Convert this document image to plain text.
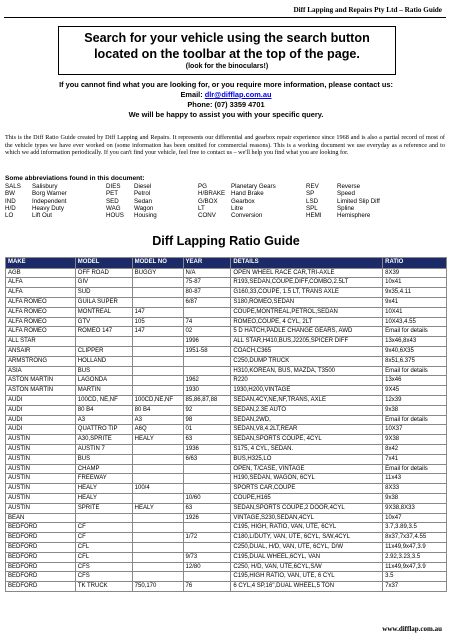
Diff Lapping and Repairs Pty Ltd – Ratio Guide
Search for your vehicle using the search button
located on the toolbar at the top of the page.
(look for the binoculars!)
If you cannot find what you are looking for, or you require more information, please contact us:
Email: dlr@difflap.com.au
Phone: (07) 3359 4701
We will be happy to assist you with your specific query.
This is the Diff Ratio Guide created by Diff Lapping and Repairs. It represents our differential and gearbox repair experience since 1968 and is also a partial record of most of the vehicle types we have ever worked on (some information has been omitted for commercial reasons). This is a working document we use everyday as a reference and to which we add information periodically. If you can't find your vehicle, feel free to contact us – we'll help you find what you are looking for.
Some abbreviations found in this document:
SALS	Salisbury	DIES	Diesel	PG	Planetary Gears	REV	Reverse
BW	Borg Warner	PET	Petrol	H/BRAKE Hand Brake	SP	Speed
IND	Independent	SED	Sedan	G/BOX	Gearbox	LSD	Limited Slip Diff
H/D	Heavy Duty	WAG	Wagon	LT	Litre	SPL	Spline
LO	Lift Out	HOUS	Housing	CONV	Conversion	HEMI	Hemisphere
Diff Lapping Ratio Guide
MAKE	MODEL	MODEL NO	YEAR	DETAILS	RATIO
AGB	OFF ROAD	BUGGY	N/A	OPEN WHEEL RACE CAR,TRI-AXLE	8X39
ALFA	GIV		75-87	R193,SEDAN,COUPE,DIFF,COMBO,2.5LT	10x41
ALFA	SUD		80-87	G160,33,COUPE, 1.5 LT, TRANS AXLE	9x35,4.11
ALFA ROMEO	GUILA SUPER		6/87	S180,ROMEO,SEDAN	9x41
ALFA ROMEO	MONTREAL	147		COUPE,MONTREAL,PETROL,SEDAN	10X41
ALFA ROMEO	GTV	105	74	ROMEO,COUPE, 4 CYL, 2LT	10X43,4.55
ALFA ROMEO	ROMEO 147	147	02	5 D HATCH,PADLE CHANGE GEARS, AWD	Email for details
ALL STAR			1996	ALL STAR,H410,BUS,J2205,SPICER DIFF	13x46,8x43
ANSAIR	CLIPPER		1951-58	COACH,C365	9x40,6X35
ARMSTRONG	HOLLAND			C250,DUMP TRUCK	8x51,6.375
ASIA	BUS			H310,KOREAN, BUS, MAZDA, T3500	Email for details
ASTON MARTIN	LAGONDA		1962	R220	13x46
ASTON MARTIN	MARTIN		1930	1930,H200,VINTAGE	9X45
AUDI	100CD, NE,NF	100CD,NE,NF	85,86,87,88	SEDAN,4CY,NE,NF,TRANS, AXLE	12x39
AUDI	80 B4	80 B4	92	SEDAN,2.3E AUTO	9x38
AUDI	A3	A3	98	SEDAN,2WD,	Email for details
AUDI	QUATTRO TIP	A6Q	01	SEDAN,V8,4.2LT,REAR	10X37
AUSTIN	A30,SPRITE	HEALY	63	SEDAN,SPORTS COUPE, 4CYL	9X38
AUSTIN	AUSTIN 7		1936	S175, 4 CYL, SEDAN.	8x42
AUSTIN	BUS		6/63	BUS,H325,LO	7x41
AUSTIN	CHAMP			OPEN, T/CASE, VINTAGE	Email for details
AUSTIN	FREEWAY			H190,SEDAN, WAGON, 6CYL	11x43
AUSTIN	HEALY	100/4		SPORTS CAR,COUPE	8X33
AUSTIN	HEALY		10/60	COUPE,H165	9x38
AUSTIN	SPRITE	HEALY	63	SEDAN,SPORTS COUPE,2 DOOR,4CYL	9X38,8X33
BEAN			1926	VINTAGE,S230,SEDAN,4CYL	10x47
BEDFORD	CF			C195, HIGH, RATIO, VAN, UTE, 6CYL	3.7,3.89,3.5
BEDFORD	CF		1/72	C180,L/DUTY, VAN, UTE, 6CYL, S/W,4CYL	8x37,7x37,4.55
BEDFORD	CFL			C250,DUAL, H/D, VAN, UTE, 6CYL, D/W	11x49,9x47,3.9
BEDFORD	CFL		9/73	C195,DUAL WHEEL,6CYL, VAN	2.92,3.23,3.5
BEDFORD	CFS		12/80	C250, H/D, VAN, UTE,6CYL,S/W	11x49,9x47,3.9
BEDFORD	CFS			C195,HIGH RATIO, VAN, UTE, 6 CYL	3.5
BEDFORD	TK TRUCK	750,170	76	6 CYL,4 SP,16",DUAL WHEEL,5 TON	7x37
www.difflap.com.au
